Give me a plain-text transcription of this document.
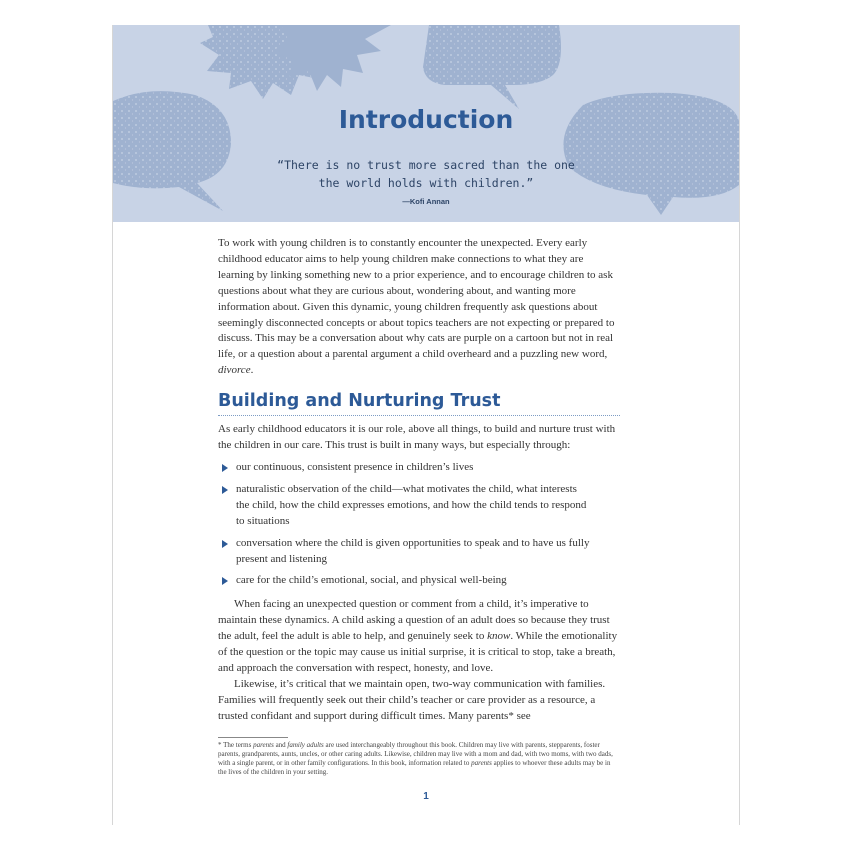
Introduction
“There is no trust more sacred than the one
the world holds with children.”
—Kofi Annan

To work with young children is to constantly encounter the unexpected. Every early childhood educator aims to help young children make connections to what they are learning by linking something new to a prior experience, and to encourage children to ask questions about what they are curious about, wondering about, and wanting more information about. Given this dynamic, young children frequently ask questions about seemingly disconnected concepts or about topics teachers are not expecting or prepared to discuss. This may be a conversation about why cats are purple on a cartoon but not in real life, or a question about a parental argument a child overheard and a puzzling new word, divorce.

Building and Nurturing Trust

As early childhood educators it is our role, above all things, to build and nurture trust with the children in our care. This trust is built in many ways, but especially through:

our continuous, consistent presence in children’s lives
naturalistic observation of the child—what motivates the child, what interests the child, how the child expresses emotions, and how the child tends to respond to situations
conversation where the child is given opportunities to speak and to have us fully present and listening
care for the child’s emotional, social, and physical well-being

When facing an unexpected question or comment from a child, it’s imperative to maintain these dynamics. A child asking a question of an adult does so because they trust the adult, feel the adult is able to help, and genuinely seek to know. While the emotionality of the question or the topic may cause us initial surprise, it is critical to stop, take a breath, and approach the conversation with respect, honesty, and love.

Likewise, it’s critical that we maintain open, two-way communication with families. Families will frequently seek out their child’s teacher or care provider as a resource, a trusted confidant and support during difficult times. Many parents* see

* The terms parents and family adults are used interchangeably throughout this book. Children may live with parents, stepparents, foster parents, grandparents, aunts, uncles, or other caring adults. Likewise, children may live with a mom and dad, with two moms, with two dads, with a single parent, or in other family configurations. In this book, information related to parents applies to whoever these adults may be in the lives of the children in your setting.

1
